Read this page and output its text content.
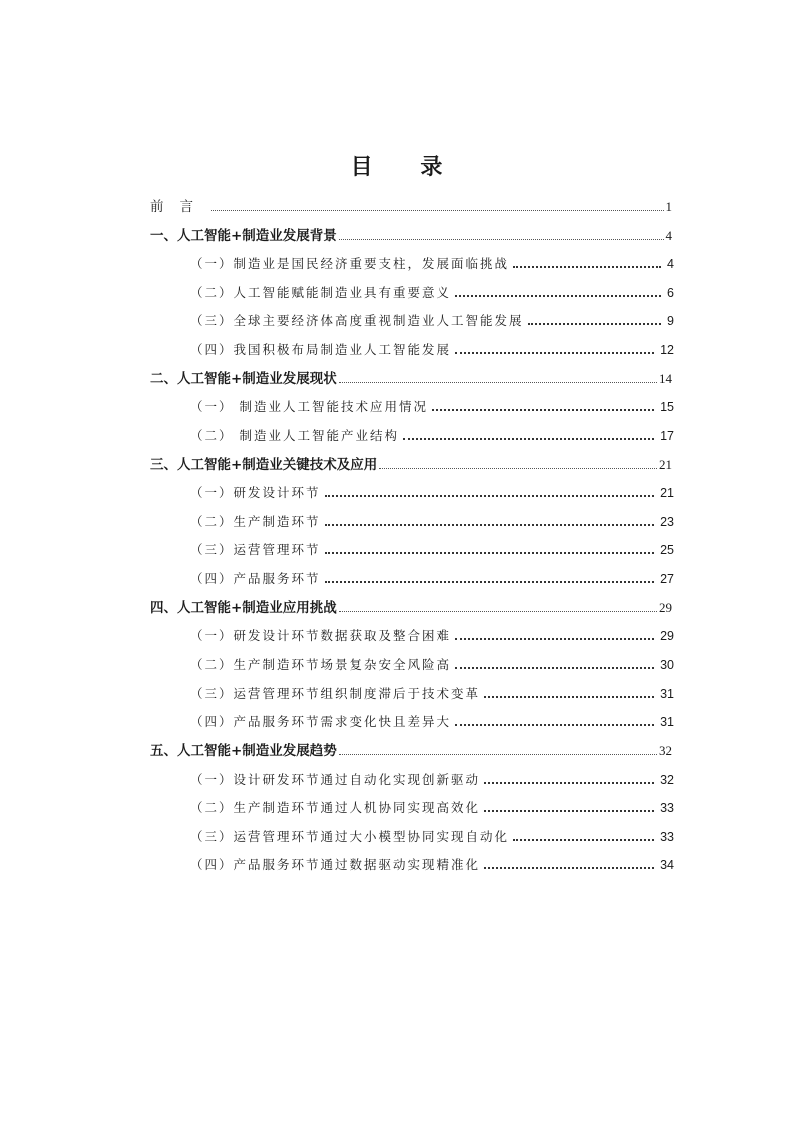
目 录
前言	1
一、人工智能+制造业发展背景	4
（一）制造业是国民经济重要支柱，发展面临挑战	4
（二）人工智能赋能制造业具有重要意义	6
（三）全球主要经济体高度重视制造业人工智能发展	9
（四）我国积极布局制造业人工智能发展	12
二、人工智能+制造业发展现状	14
（一） 制造业人工智能技术应用情况	15
（二） 制造业人工智能产业结构	17
三、人工智能+制造业关键技术及应用	21
（一）研发设计环节	21
（二）生产制造环节	23
（三）运营管理环节	25
（四）产品服务环节	27
四、人工智能+制造业应用挑战	29
（一）研发设计环节数据获取及整合困难	29
（二）生产制造环节场景复杂安全风险高	30
（三）运营管理环节组织制度滞后于技术变革	31
（四）产品服务环节需求变化快且差异大	31
五、人工智能+制造业发展趋势	32
（一）设计研发环节通过自动化实现创新驱动	32
（二）生产制造环节通过人机协同实现高效化	33
（三）运营管理环节通过大小模型协同实现自动化	33
（四）产品服务环节通过数据驱动实现精准化	34
